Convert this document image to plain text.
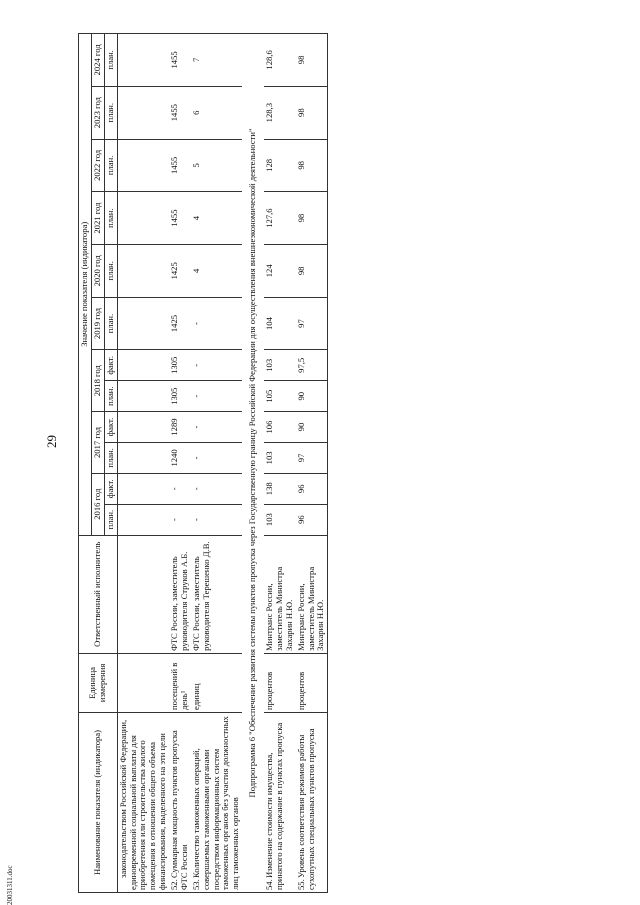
29
20031311.doc
Наименование показателя (индикатора)	Единица измерения	Ответственный исполнитель	Значение показателя (индикатора)											
			2016 год		2017 год		2018 год		2019 год	2020 год	2021 год	2022 год	2023 год	2024 год
			план.	факт.	план.	факт.	план.	факт.	план.	план.	план.	план.	план.	план.
законодательством Российской Федерации, единовременной социальной выплаты для приобретения или строительства жилого помещения в отношении общего объема финансирования, выделенного на эти цели														
52.Суммарная мощность пунктов пропуска ФТС России	посещений в день¹	ФТС России, заместитель руководителя Струков А.Б.	-	-	1240	1289	1305	1305	1425	1425	1455	1455	1455	1455
53.Количество таможенных операций, совершаемых таможенными органами посредством информационных систем таможенных органов без участия должностных лиц таможенных органов	единиц	ФТС России, заместитель руководителя Терешенко Д.В.	-	-	-	-	-	-	-	4	4	5	6	7
Подпрограмма 6 "Обеспечение развития системы пунктов пропуска через Государственную границу Российской Федерации для осуществления внешнеэкономической деятельности"														
54.Изменение стоимости имущества, принятого на содержание в пунктах пропуска	процентов	Минтранс России, заместитель Министра Захарин Н.Ю.	103	138	103	106	105	103	104	124	127,6	128	128,3	128,6
55.Уровень соответствия режимов работы сухопутных специальных пунктов пропуска	процентов	Минтранс России, заместитель Министра Захарин Н.Ю.	96	96	97	90	90	97,5	97	98	98	98	98	98
